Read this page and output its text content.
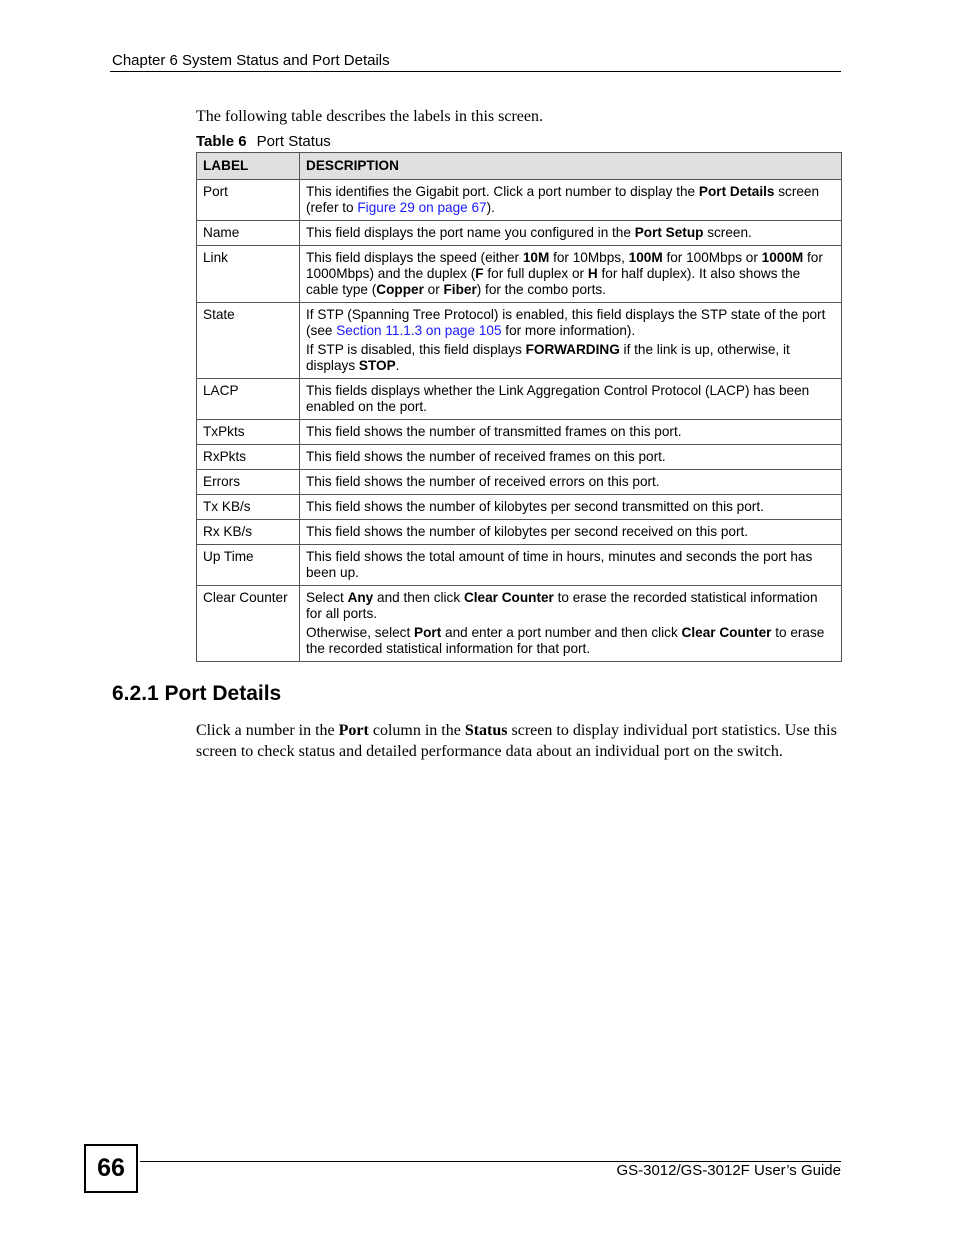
Chapter 6 System Status and Port Details
The following table describes the labels in this screen.
Table 6 Port Status
LABEL	DESCRIPTION
Port	This identifies the Gigabit port. Click a port number to display the Port Details screen (refer to Figure 29 on page 67).

Name	This field displays the port name you configured in the Port Setup screen.

Link	This field displays the speed (either 10M for 10Mbps, 100M for 100Mbps or 1000M for 1000Mbps) and the duplex (F for full duplex or H for half duplex). It also shows the cable type (Copper or Fiber) for the combo ports.

State	If STP (Spanning Tree Protocol) is enabled, this field displays the STP state of the port (see Section 11.1.3 on page 105 for more information).

If STP is disabled, this field displays FORWARDING if the link is up, otherwise, it displays STOP.

LACP	This fields displays whether the Link Aggregation Control Protocol (LACP) has been enabled on the port.

TxPkts	This field shows the number of transmitted frames on this port.

RxPkts	This field shows the number of received frames on this port.

Errors	This field shows the number of received errors on this port.

Tx KB/s	This field shows the number of kilobytes per second transmitted on this port.

Rx KB/s	This field shows the number of kilobytes per second received on this port.

Up Time	This field shows the total amount of time in hours, minutes and seconds the port has been up.

Clear Counter	Select Any and then click Clear Counter to erase the recorded statistical information for all ports.

Otherwise, select Port and enter a port number and then click Clear Counter to erase the recorded statistical information for that port.

6.2.1 Port Details

Click a number in the Port column in the Status screen to display individual port statistics. Use this screen to check status and detailed performance data about an individual port on the switch.

66	GS-3012/GS-3012F User’s Guide
